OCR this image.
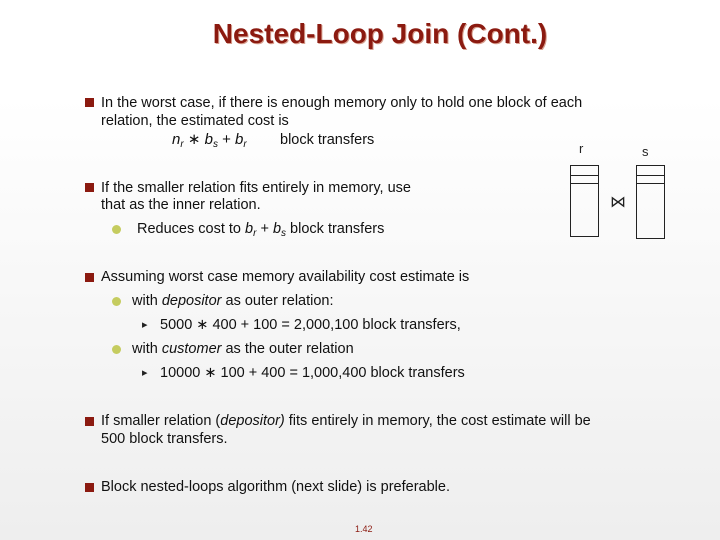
Nested-Loop Join (Cont.)
In the worst case, if there is enough memory only to hold one block of each
relation, the estimated cost is
$n_r$ ∗ $b_s + b_r$ block transfers
r	s
⋈
If the smaller relation fits entirely in memory, use
that as the inner relation.
Reduces cost to $b_r + b_s$ block transfers
Assuming worst case memory availability cost estimate is
with depositor as outer relation:
▸ 5000 ∗ 400 + 100 = 2,000,100 block transfers,
with customer as the outer relation
▸ 10000 ∗ 100 + 400 = 1,000,400 block transfers
If smaller relation (depositor) fits entirely in memory, the cost estimate will be
500 block transfers.
Block nested-loops algorithm (next slide) is preferable.
1.42
